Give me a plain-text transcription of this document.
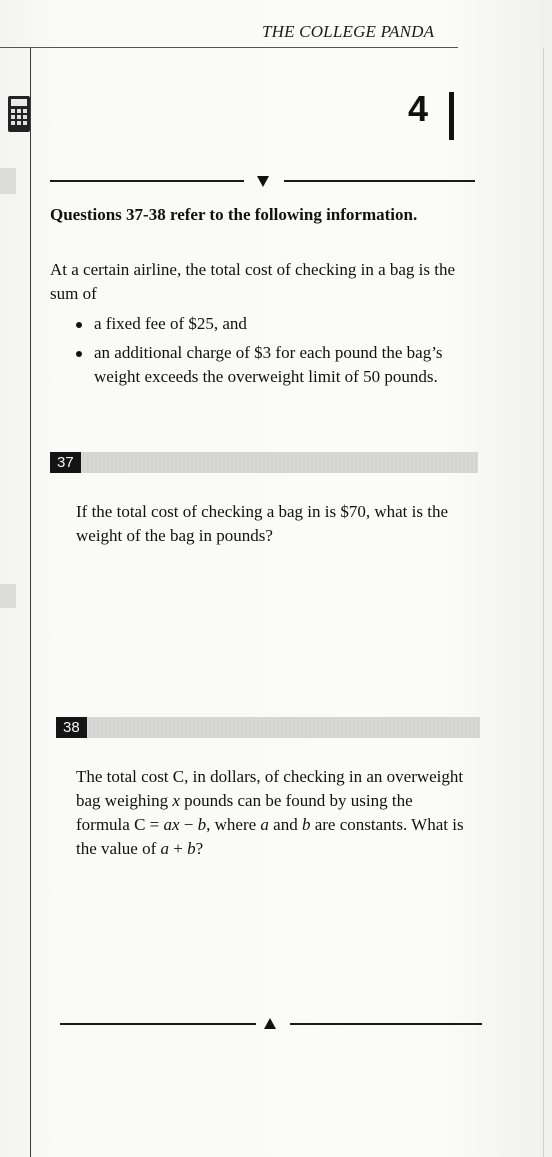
THE COLLEGE PANDA
4
Questions 37-38 refer to the following information.
At a certain airline, the total cost of checking in a bag is the sum of
a fixed fee of $25, and
an additional charge of $3 for each pound the bag’s weight exceeds the overweight limit of 50 pounds.
37
If the total cost of checking a bag in is $70, what is the weight of the bag in pounds?
38
The total cost C, in dollars, of checking in an overweight bag weighing x pounds can be found by using the formula C = ax − b, where a and b are constants. What is the value of a + b?
